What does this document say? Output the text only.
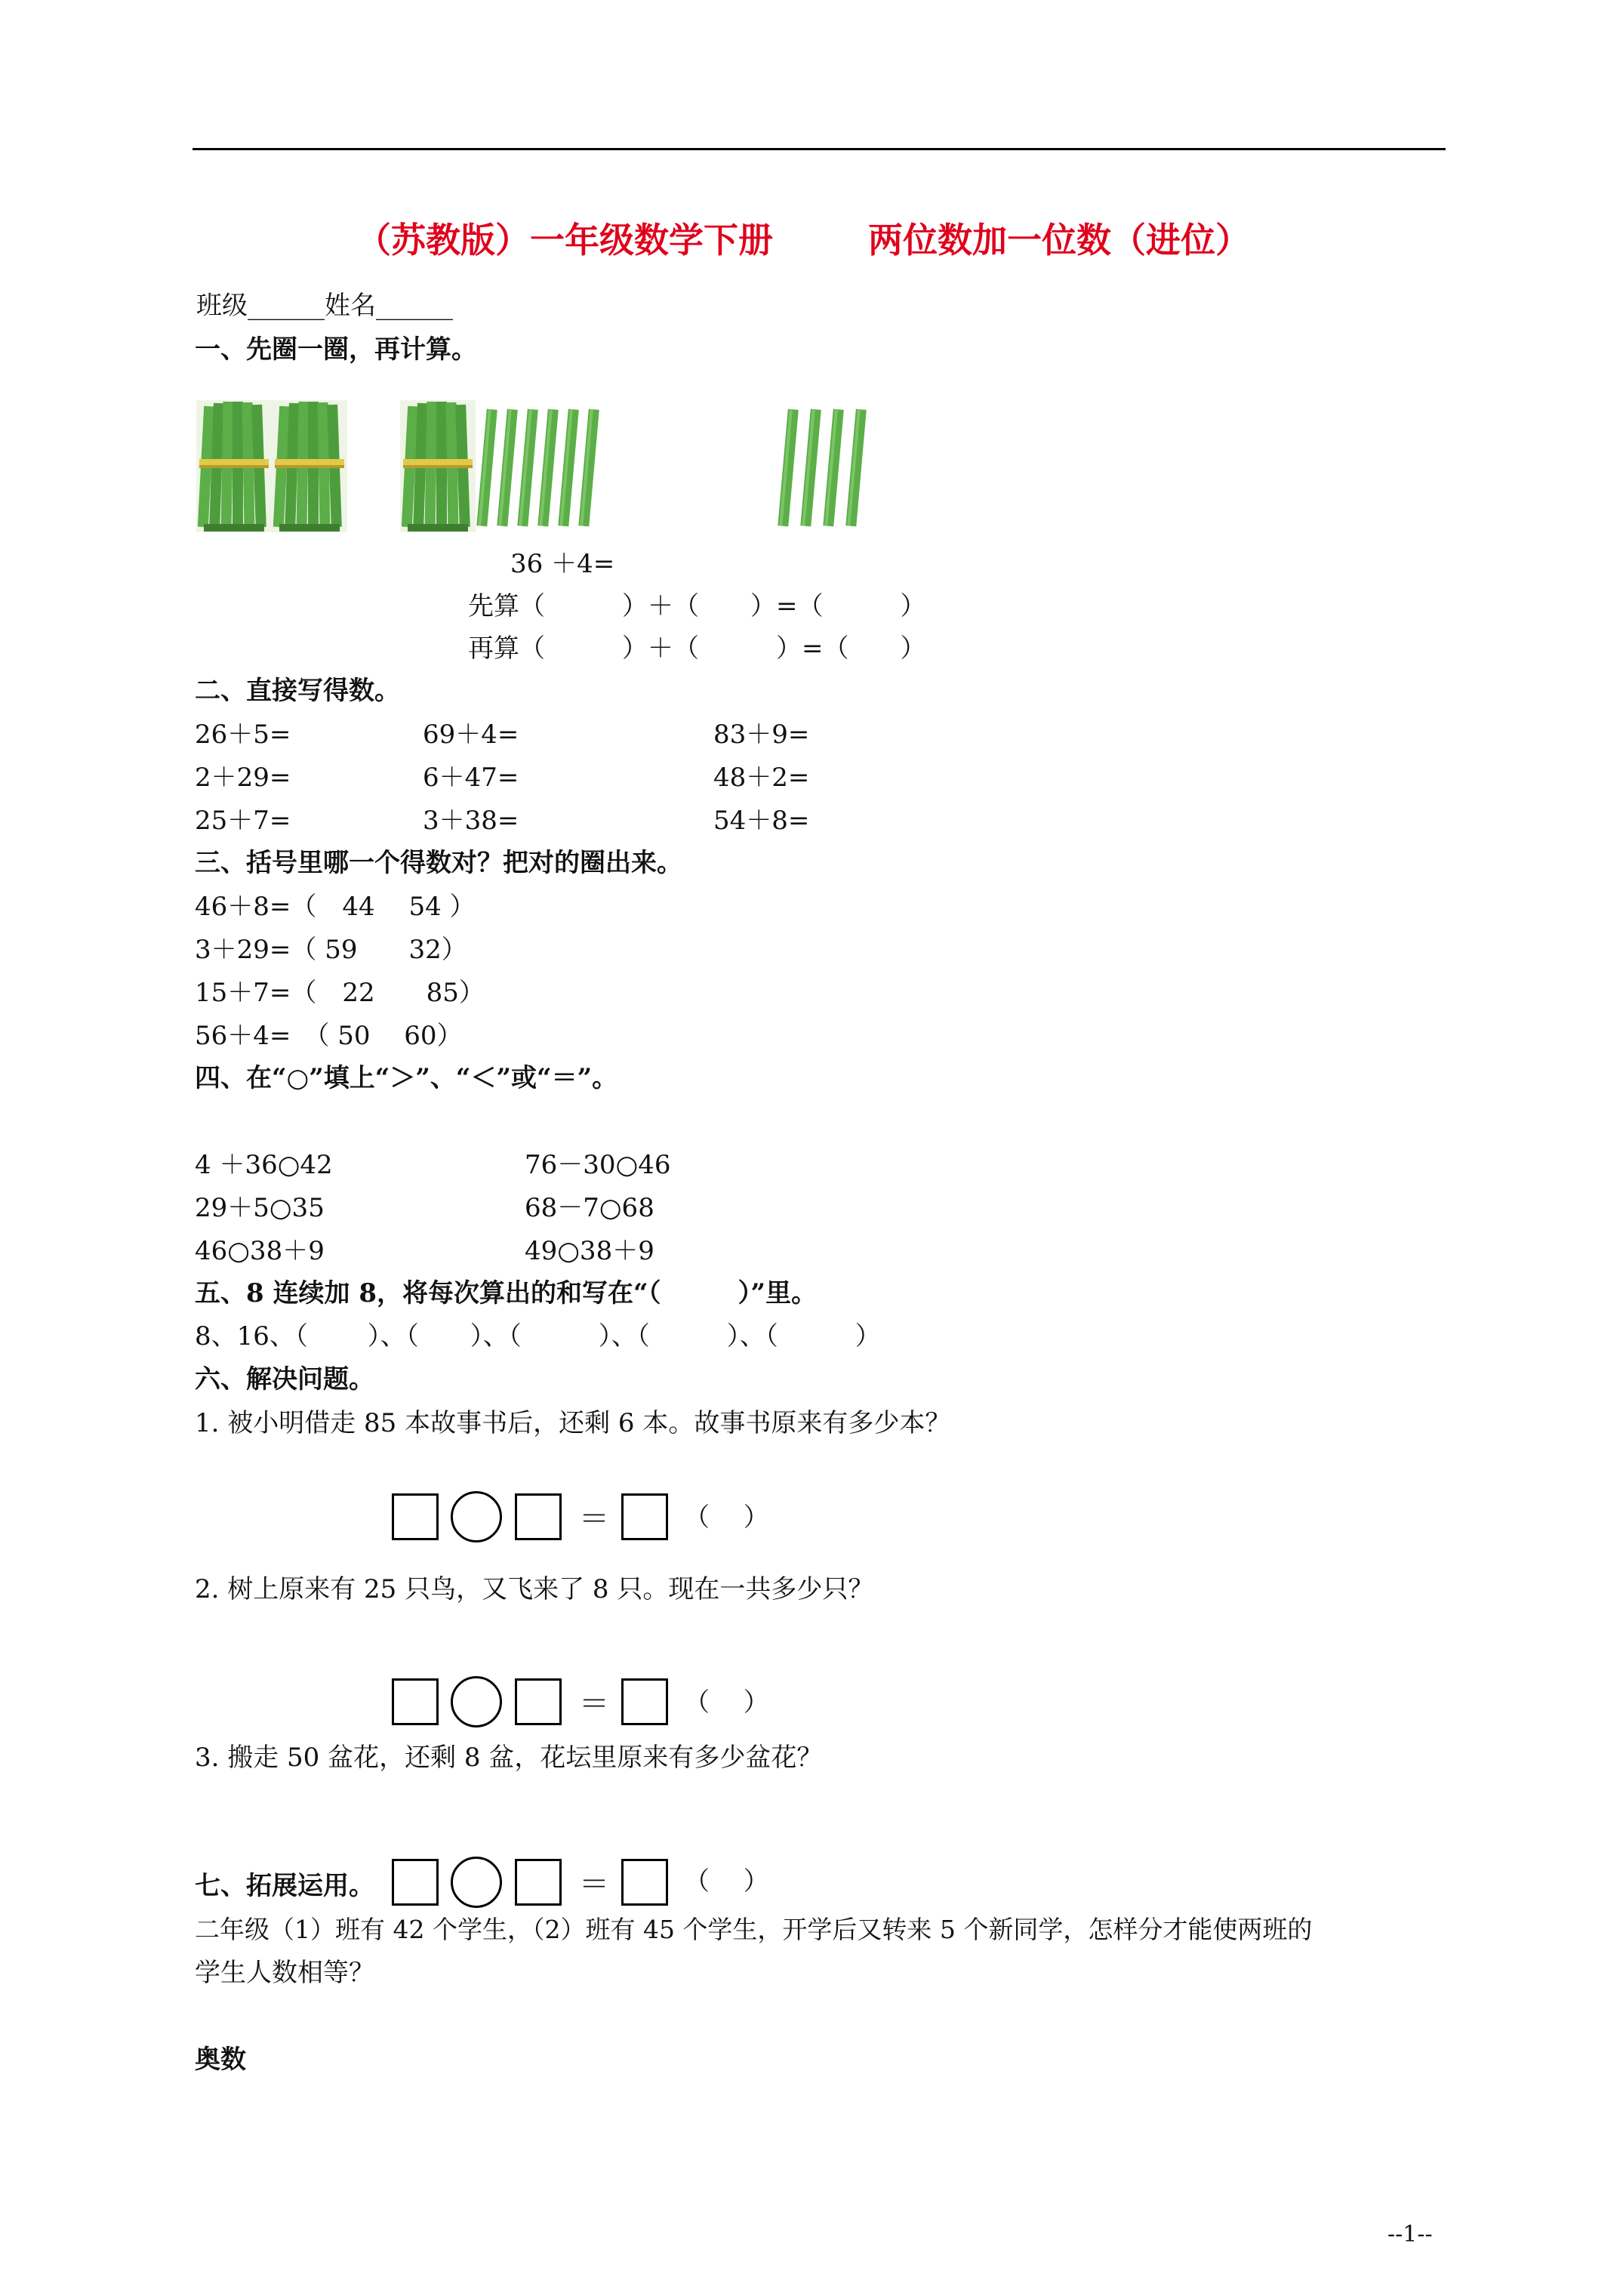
（苏教版）一年级数学下册	两位数加一位数（进位）
班级______姓名______
一、先圈一圈，再计算。
36 ＋4=
先算（　　　）＋（　　）=（　　　）
再算（　　　）＋（　　　）=（　　）
二、直接写得数。
26＋5=	69＋4=	83＋9=
2＋29=	6＋47=	48＋2=
25＋7=	3＋38=	54＋8=
三、括号里哪一个得数对？把对的圈出来。
46＋8=（　44　 54 ）
3＋29=（ 59　　32）
15＋7=（　22　　85）
56＋4=　（ 50　 60）
四、在“○”填上“＞”、“＜”或“＝”。
4 ＋36○42	76－30○46
29＋5○35	68－7○68
46○38＋9	49○38＋9
五、8 连续加 8，将每次算出的和写在“（　　　）”里。
8、16、（　　 ）、（　　）、（　　　）、（　　　）、（　　　）
六、解决问题。
1. 被小明借走 85 本故事书后，还剩 6 本。故事书原来有多少本？
＝	（　 ）
2. 树上原来有 25 只鸟，又飞来了 8 只。现在一共多少只？
＝	（　 ）
3. 搬走 50 盆花，还剩 8 盆，花坛里原来有多少盆花？
七、拓展运用。	＝	（　 ）
二年级（1）班有 42 个学生，（2）班有 45 个学生，开学后又转来 5 个新同学，怎样分才能使两班的
学生人数相等？
奥数
--1--
